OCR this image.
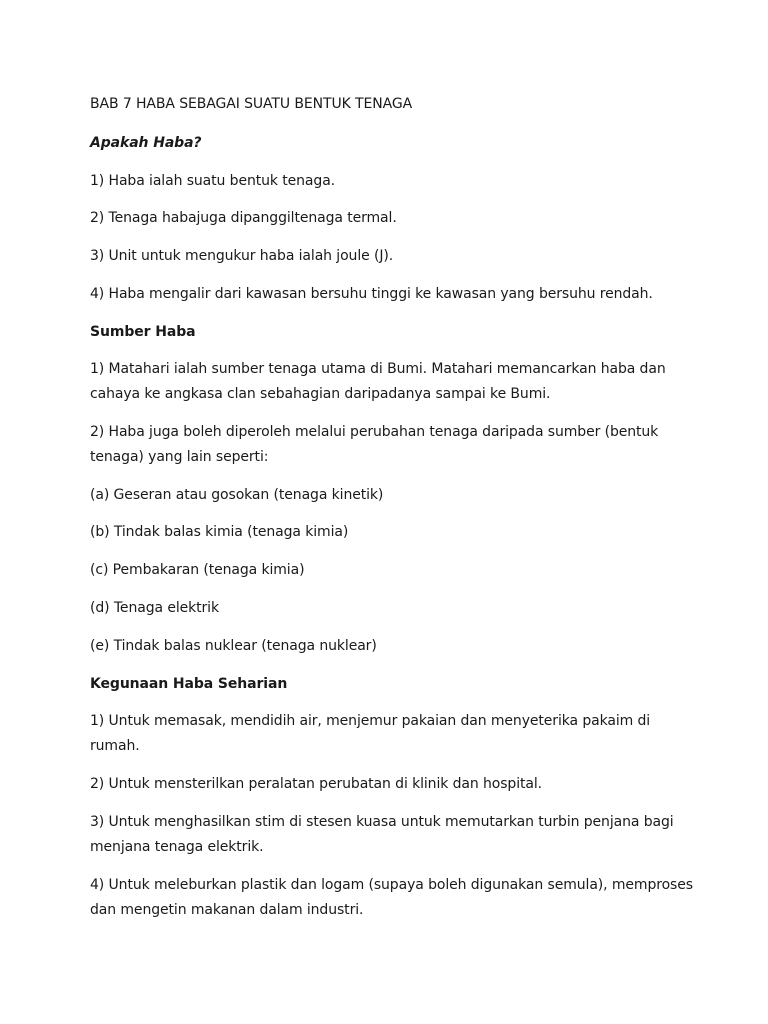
BAB 7 HABA SEBAGAI SUATU BENTUK TENAGA
Apakah Haba?
1) Haba ialah suatu bentuk tenaga.
2) Tenaga habajuga dipanggiltenaga termal.
3) Unit untuk mengukur haba ialah joule (J).
4) Haba mengalir dari kawasan bersuhu tinggi ke kawasan yang bersuhu rendah.
Sumber Haba
1) Matahari ialah sumber tenaga utama di Bumi. Matahari memancarkan haba dan
cahaya ke angkasa clan sebahagian daripadanya sampai ke Bumi.
2) Haba juga boleh diperoleh melalui perubahan tenaga daripada sumber (bentuk
tenaga) yang lain seperti:
(a) Geseran atau gosokan (tenaga kinetik)
(b) Tindak balas kimia (tenaga kimia)
(c) Pembakaran (tenaga kimia)
(d) Tenaga elektrik
(e) Tindak balas nuklear (tenaga nuklear)
Kegunaan Haba Seharian
1) Untuk memasak, mendidih air, menjemur pakaian dan menyeterika pakaim di
rumah.
2) Untuk mensterilkan peralatan perubatan di klinik dan hospital.
3) Untuk menghasilkan stim di stesen kuasa untuk memutarkan turbin penjana bagi
menjana tenaga elektrik.
4) Untuk meleburkan plastik dan logam (supaya boleh digunakan semula), memproses
dan mengetin makanan dalam industri.
